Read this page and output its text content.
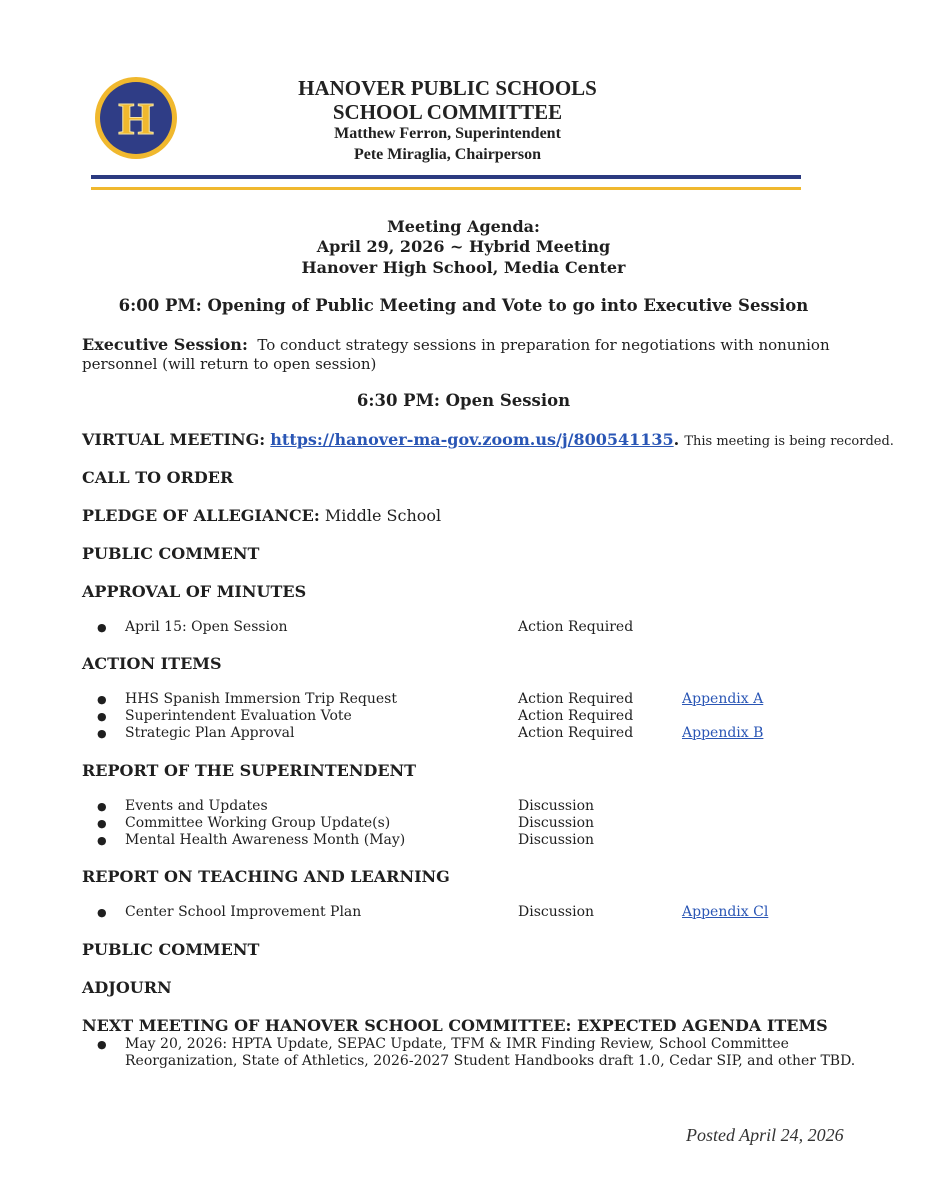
H
HANOVER PUBLIC SCHOOLS
SCHOOL COMMITTEE
Matthew Ferron, Superintendent
Pete Miraglia, Chairperson
Meeting Agenda:
April 29, 2026 ~ Hybrid Meeting
Hanover High School, Media Center
6:00 PM: Opening of Public Meeting and Vote to go into Executive Session
Executive Session: To conduct strategy sessions in preparation for negotiations with nonunion
personnel (will return to open session)
6:30 PM: Open Session
VIRTUAL MEETING: https://hanover-ma-gov.zoom.us/j/800541135. This meeting is being recorded.
CALL TO ORDER
PLEDGE OF ALLEGIANCE: Middle School
PUBLIC COMMENT
APPROVAL OF MINUTES
● April 15: Open Session	Action Required
ACTION ITEMS
● HHS Spanish Immersion Trip Request	Action Required	Appendix A
● Superintendent Evaluation Vote	Action Required
● Strategic Plan Approval	Action Required	Appendix B
REPORT OF THE SUPERINTENDENT
● Events and Updates	Discussion
● Committee Working Group Update(s)	Discussion
● Mental Health Awareness Month (May)	Discussion
REPORT ON TEACHING AND LEARNING
● Center School Improvement Plan	Discussion	Appendix Cl
PUBLIC COMMENT
ADJOURN
NEXT MEETING OF HANOVER SCHOOL COMMITTEE: EXPECTED AGENDA ITEMS
● May 20, 2026: HPTA Update, SEPAC Update, TFM & IMR Finding Review, School Committee
Reorganization, State of Athletics, 2026-2027 Student Handbooks draft 1.0, Cedar SIP, and other TBD.
Posted April 24, 2026
